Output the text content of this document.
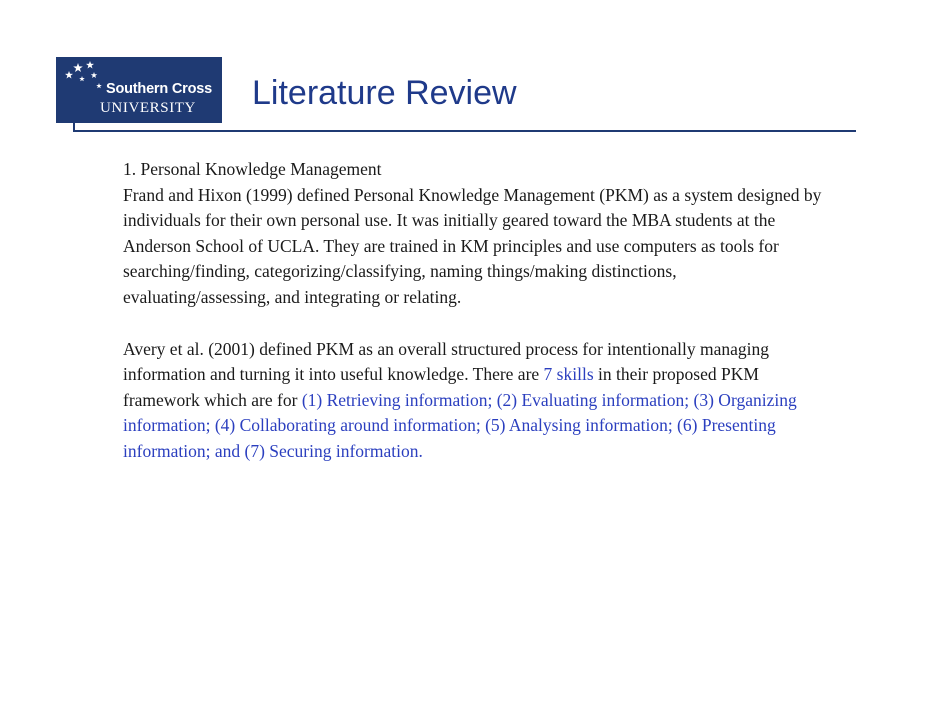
Southern Cross
UNIVERSITY Literature Review

1. Personal Knowledge Management

Frand and Hixon (1999) defined Personal Knowledge Management (PKM) as a system designed by individuals for their own personal use. It was initially geared toward the MBA students at the Anderson School of UCLA. They are trained in KM principles and use computers as tools for searching/finding, categorizing/classifying, naming things/making distinctions, evaluating/assessing, and integrating or relating.

Avery et al. (2001) defined PKM as an overall structured process for intentionally managing information and turning it into useful knowledge. There are 7 skills in their proposed PKM framework which are for (1) Retrieving information; (2) Evaluating information; (3) Organizing information; (4) Collaborating around information; (5) Analysing information; (6) Presenting information; and (7) Securing information.
